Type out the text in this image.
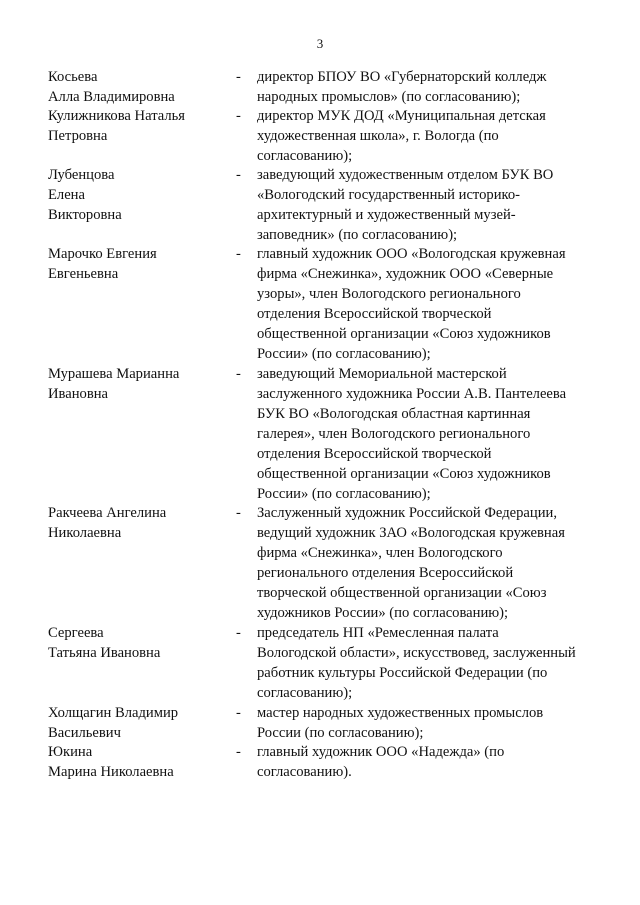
3
Косьева
Алла Владимировна
-	директор БПОУ ВО «Губернаторский колледж
народных промыслов» (по согласованию);
Кулижникова Наталья
Петровна
-	директор МУК ДОД «Муниципальная детская
художественная школа», г. Вологда (по
согласованию);
Лубенцова
Елена
Викторовна
-	заведующий художественным отделом БУК ВО
«Вологодский государственный историко-
архитектурный и художественный музей-
заповедник» (по согласованию);
Марочко Евгения
Евгеньевна
-	главный художник ООО «Вологодская кружевная
фирма «Снежинка», художник ООО «Северные
узоры», член Вологодского регионального
отделения Всероссийской творческой
общественной организации «Союз художников
России» (по согласованию);
Мурашева Марианна
Ивановна
-	заведующий Мемориальной мастерской
заслуженного художника России А.В. Пантелеева
БУК ВО «Вологодская областная картинная
галерея», член Вологодского регионального
отделения Всероссийской творческой
общественной организации «Союз художников
России» (по согласованию);
Ракчеева Ангелина
Николаевна
-	Заслуженный художник Российской Федерации,
ведущий художник ЗАО «Вологодская кружевная
фирма «Снежинка», член Вологодского
регионального отделения Всероссийской
творческой общественной организации «Союз
художников России» (по согласованию);
Сергеева
Татьяна Ивановна
-	председатель НП «Ремесленная палата
Вологодской области», искусствовед, заслуженный
работник культуры Российской Федерации (по
согласованию);
Холщагин Владимир
Васильевич
-	мастер народных художественных промыслов
России (по согласованию);
Юкина
Марина Николаевна
-	главный художник ООО «Надежда» (по
согласованию).
